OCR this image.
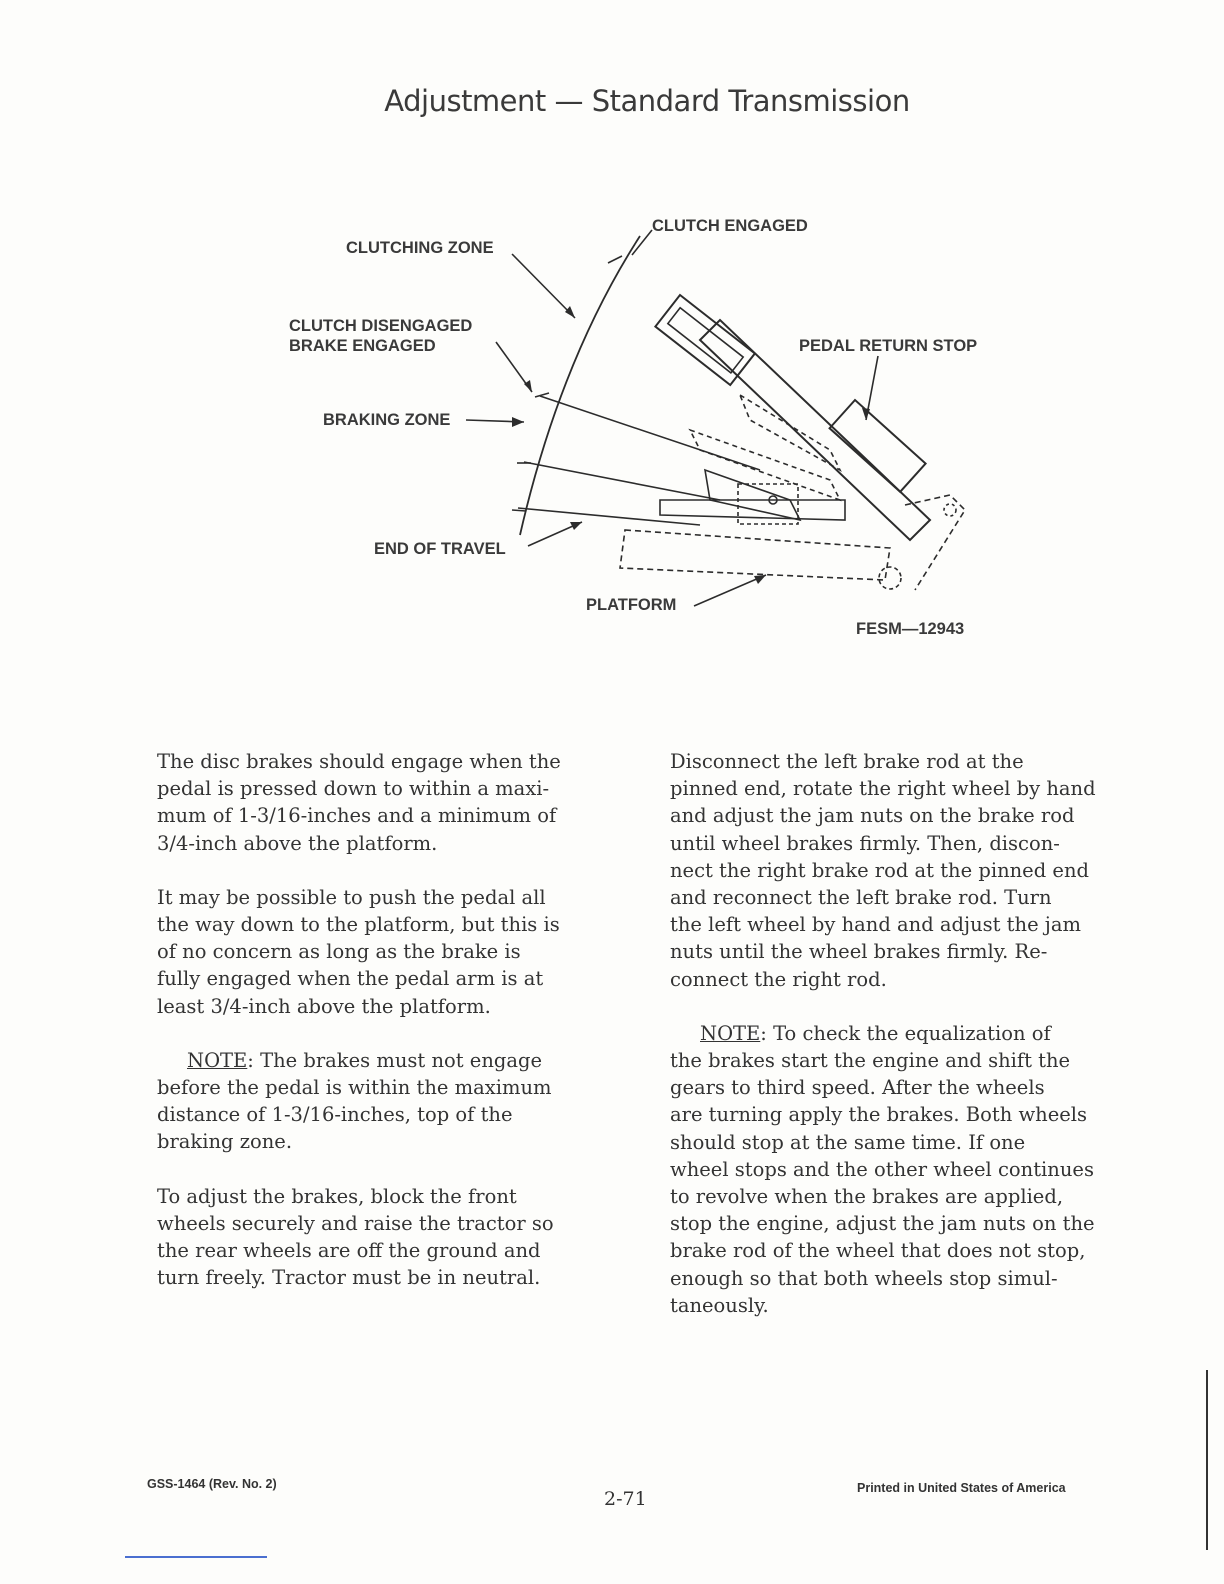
Adjustment — Standard Transmission
CLUTCH ENGAGED
CLUTCHING ZONE
CLUTCH DISENGAGED
BRAKE ENGAGED	PEDAL RETURN STOP
BRAKING ZONE
END OF TRAVEL
PLATFORM
FESM—12943

The disc brakes should engage when the
pedal is pressed down to within a maxi-
mum of 1-3/16-inches and a minimum of
3/4-inch above the platform.

It may be possible to push the pedal all
the way down to the platform, but this is
of no concern as long as the brake is
fully engaged when the pedal arm is at
least 3/4-inch above the platform.

NOTE: The brakes must not engage
before the pedal is within the maximum
distance of 1-3/16-inches, top of the
braking zone.

To adjust the brakes, block the front
wheels securely and raise the tractor so
the rear wheels are off the ground and
turn freely. Tractor must be in neutral.

Disconnect the left brake rod at the
pinned end, rotate the right wheel by hand
and adjust the jam nuts on the brake rod
until wheel brakes firmly. Then, discon-
nect the right brake rod at the pinned end
and reconnect the left brake rod. Turn
the left wheel by hand and adjust the jam
nuts until the wheel brakes firmly. Re-
connect the right rod.

NOTE: To check the equalization of
the brakes start the engine and shift the
gears to third speed. After the wheels
are turning apply the brakes. Both wheels
should stop at the same time. If one
wheel stops and the other wheel continues
to revolve when the brakes are applied,
stop the engine, adjust the jam nuts on the
brake rod of the wheel that does not stop,
enough so that both wheels stop simul-
taneously.

GSS-1464 (Rev. No. 2)
2-71	Printed in United States of America
